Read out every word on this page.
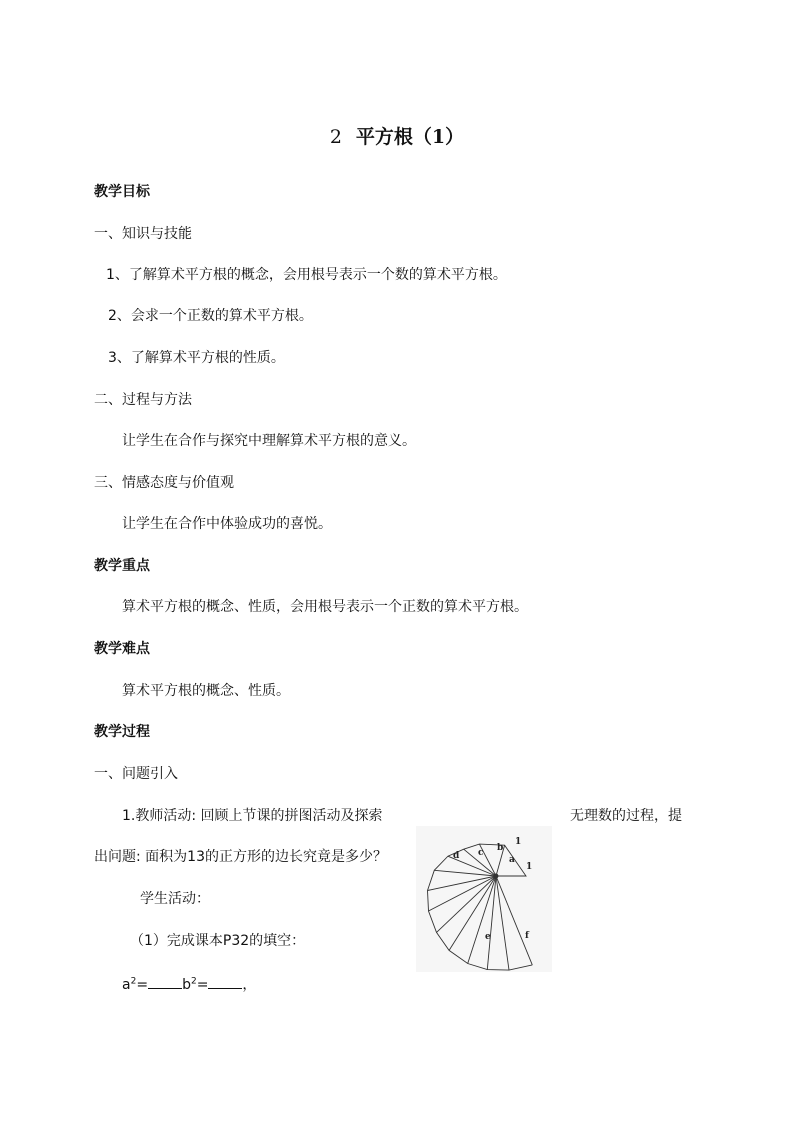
2 平方根（1）
教学目标
一、知识与技能
1、了解算术平方根的概念，会用根号表示一个数的算术平方根。
2、会求一个正数的算术平方根。
3、了解算术平方根的性质。
二、过程与方法
让学生在合作与探究中理解算术平方根的意义。
三、情感态度与价值观
让学生在合作中体验成功的喜悦。
教学重点
算术平方根的概念、性质，会用根号表示一个正数的算术平方根。
教学难点
算术平方根的概念、性质。
教学过程
一、问题引入
1.教师活动: 回顾上节课的拼图活动及探索	无理数的过程，提
出问题: 面积为13的正方形的边长究竟是多少？
学生活动：
（1）完成课本P32的填空：
$a^2= b^2=$ ，
1
1
a
b
c
d
e	f
